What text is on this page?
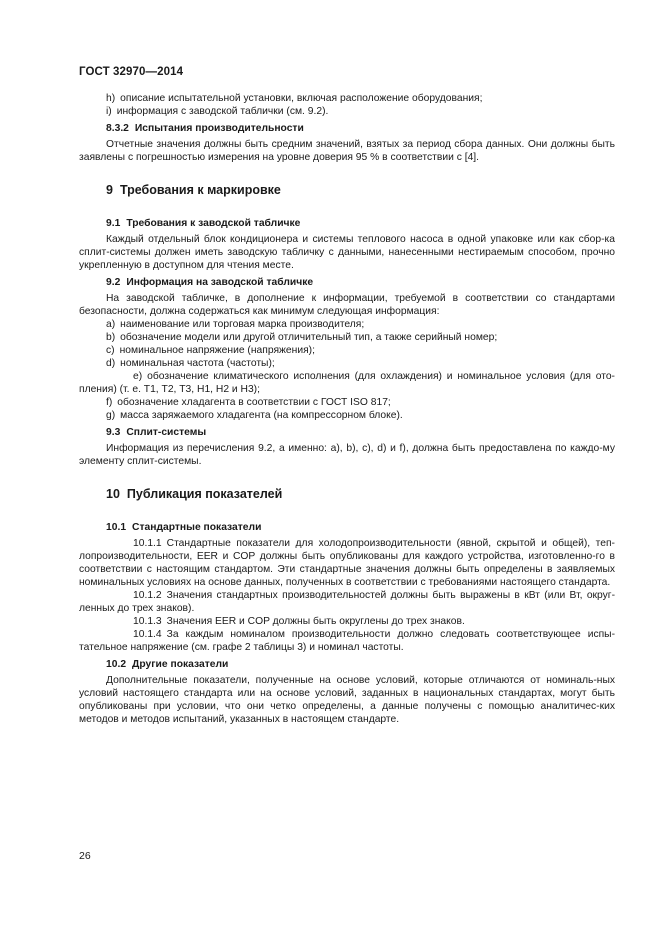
ГОСТ 32970—2014

h) описание испытательной установки, включая расположение оборудования;

i) информация с заводской таблички (см. 9.2).

8.3.2 Испытания производительности

Отчетные значения должны быть средним значений, взятых за период сбора данных. Они должны быть заявлены с погрешностью измерения на уровне доверия 95 % в соответствии с [4].

9 Требования к маркировке
9.1 Требования к заводской табличке

Каждый отдельный блок кондиционера и системы теплового насоса в одной упаковке или как сбор-ка сплит-системы должен иметь заводскую табличку с данными, нанесенными нестираемым способом, прочно укрепленную в доступном для чтения месте.

9.2 Информация на заводской табличке

На заводской табличке, в дополнение к информации, требуемой в соответствии со стандартами безопасности, должна содержаться как минимум следующая информация:

a) наименование или торговая марка производителя;

b) обозначение модели или другой отличительный тип, а также серийный номер;

c) номинальное напряжение (напряжения);

d) номинальная частота (частоты);

e) обозначение климатического исполнения (для охлаждения) и номинальное условия (для ото-пления) (т. е. Т1, Т2, Т3, Н1, Н2 и Н3);

f) обозначение хладагента в соответствии с ГОСТ ISO 817;

g) масса заряжаемого хладагента (на компрессорном блоке).

9.3 Сплит-системы

Информация из перечисления 9.2, а именно: a), b), c), d) и f), должна быть предоставлена по каждо-му элементу сплит-системы.

10 Публикация показателей
10.1 Стандартные показатели

10.1.1 Стандартные показатели для холодопроизводительности (явной, скрытой и общей), теп-лопроизводительности, EER и COP должны быть опубликованы для каждого устройства, изготовленно-го в соответствии с настоящим стандартом. Эти стандартные значения должны быть определены в заявляемых номинальных условиях на основе данных, полученных в соответствии с требованиями настоящего стандарта.

10.1.2 Значения стандартных производительностей должны быть выражены в кВт (или Вт, округ-ленных до трех знаков).

10.1.3 Значения EER и COP должны быть округлены до трех знаков.

10.1.4 За каждым номиналом производительности должно следовать соответствующее испы-тательное напряжение (см. графе 2 таблицы 3) и номинал частоты.

10.2 Другие показатели

Дополнительные показатели, полученные на основе условий, которые отличаются от номиналь-ных условий настоящего стандарта или на основе условий, заданных в национальных стандартах, могут быть опубликованы при условии, что они четко определены, а данные получены с помощью аналитичес-ких методов и методов испытаний, указанных в настоящем стандарте.

26
